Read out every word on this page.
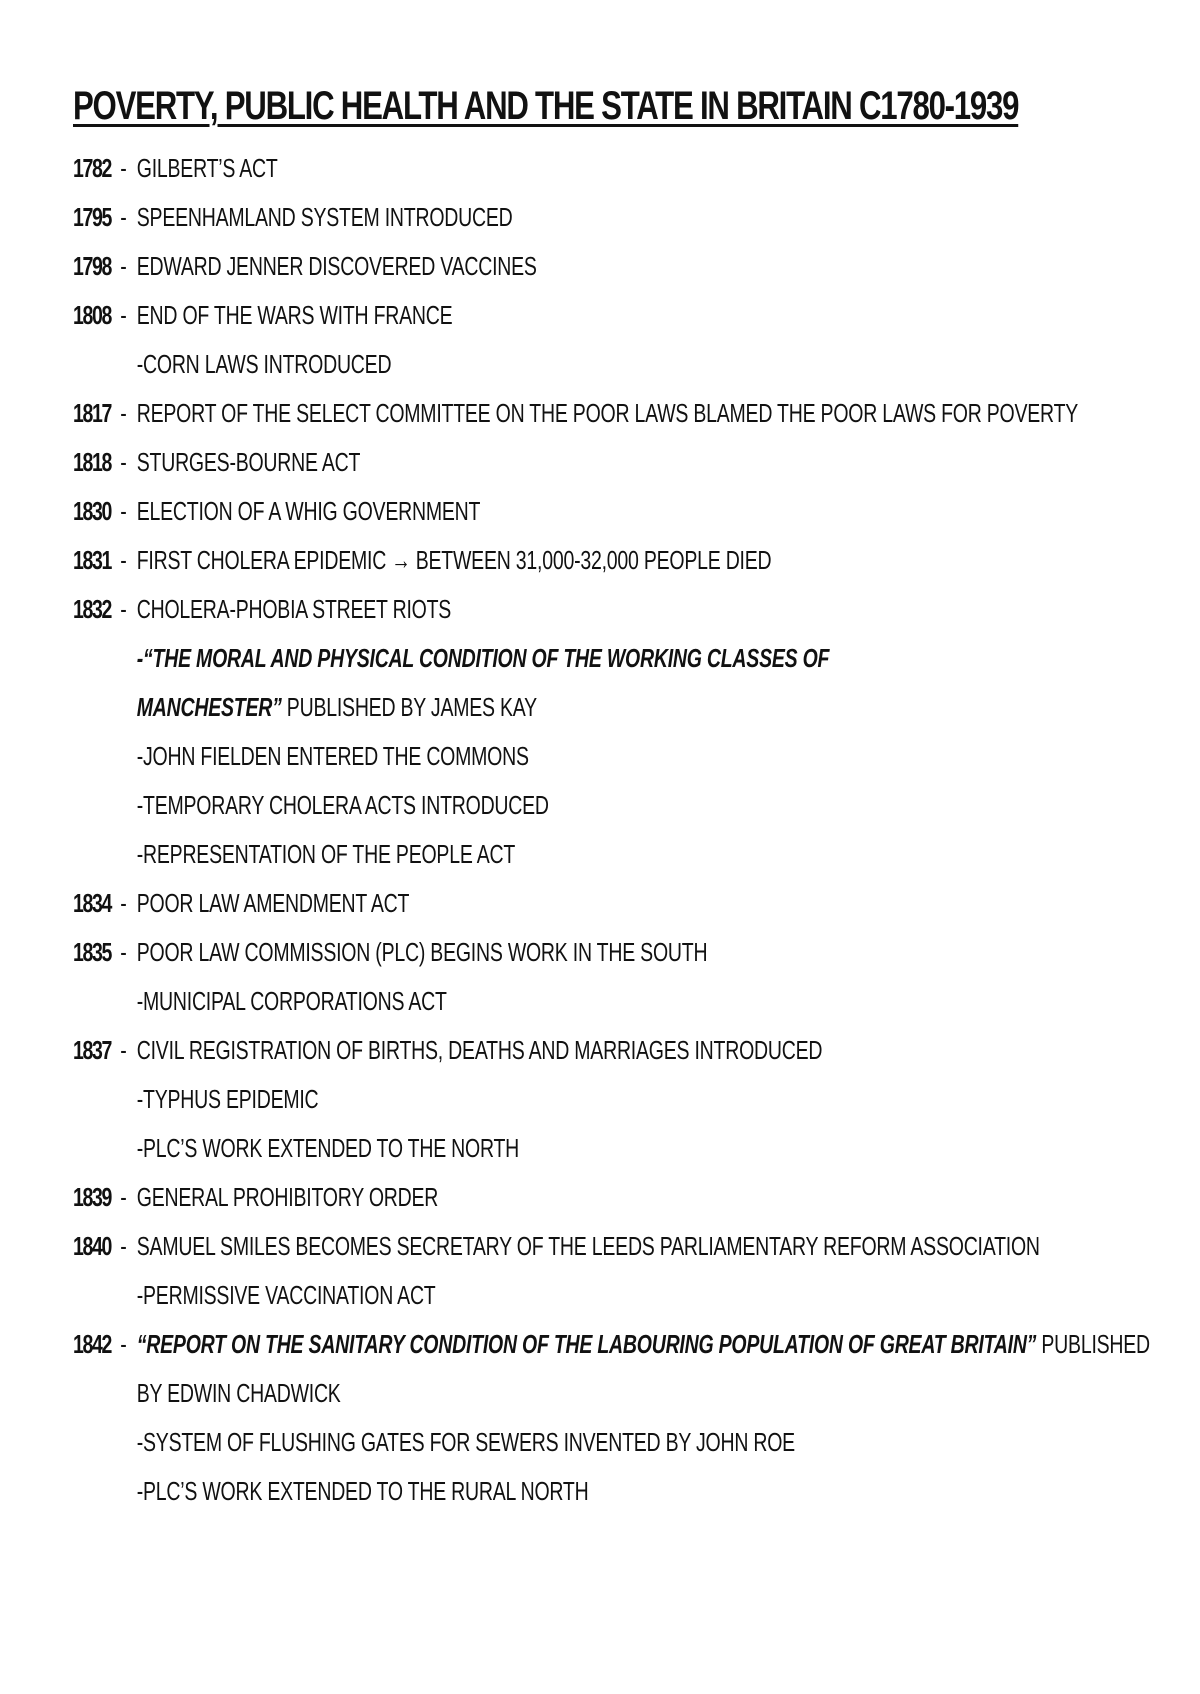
POVERTY, PUBLIC HEALTH AND THE STATE IN BRITAIN C1780-1939
1782 - GILBERT’S ACT
1795 - SPEENHAMLAND SYSTEM INTRODUCED
1798 - EDWARD JENNER DISCOVERED VACCINES
1808 - END OF THE WARS WITH FRANCE
-CORN LAWS INTRODUCED
1817 - REPORT OF THE SELECT COMMITTEE ON THE POOR LAWS BLAMED THE POOR LAWS FOR POVERTY
1818 - STURGES-BOURNE ACT
1830 - ELECTION OF A WHIG GOVERNMENT
1831 - FIRST CHOLERA EPIDEMIC → BETWEEN 31,000-32,000 PEOPLE DIED
1832 - CHOLERA-PHOBIA STREET RIOTS
-“THE MORAL AND PHYSICAL CONDITION OF THE WORKING CLASSES OF
MANCHESTER” PUBLISHED BY JAMES KAY
-JOHN FIELDEN ENTERED THE COMMONS
-TEMPORARY CHOLERA ACTS INTRODUCED
-REPRESENTATION OF THE PEOPLE ACT
1834 - POOR LAW AMENDMENT ACT
1835 - POOR LAW COMMISSION (PLC) BEGINS WORK IN THE SOUTH
-MUNICIPAL CORPORATIONS ACT
1837 - CIVIL REGISTRATION OF BIRTHS, DEATHS AND MARRIAGES INTRODUCED
-TYPHUS EPIDEMIC
-PLC’S WORK EXTENDED TO THE NORTH
1839 - GENERAL PROHIBITORY ORDER
1840 - SAMUEL SMILES BECOMES SECRETARY OF THE LEEDS PARLIAMENTARY REFORM ASSOCIATION
-PERMISSIVE VACCINATION ACT
1842 - “REPORT ON THE SANITARY CONDITION OF THE LABOURING POPULATION OF GREAT BRITAIN” PUBLISHED
BY EDWIN CHADWICK
-SYSTEM OF FLUSHING GATES FOR SEWERS INVENTED BY JOHN ROE
-PLC’S WORK EXTENDED TO THE RURAL NORTH
